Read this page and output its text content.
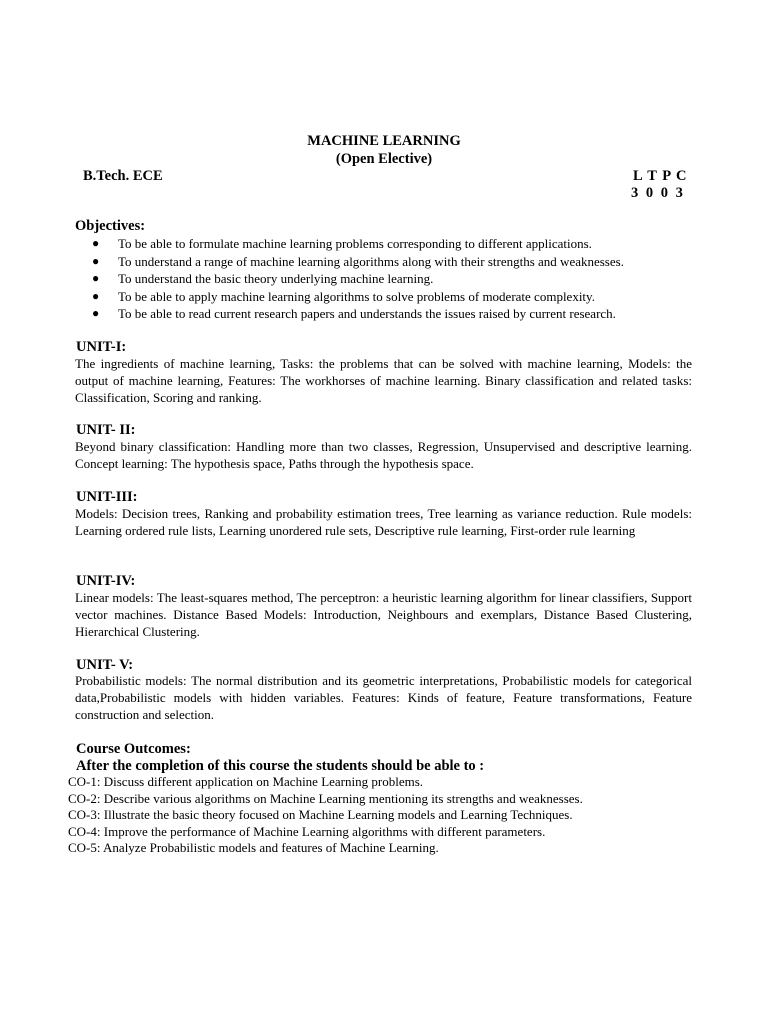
MACHINE LEARNING
(Open Elective)
B.Tech. ECE	L T P C
3 0 0 3
Objectives:
● To be able to formulate machine learning problems corresponding to different applications.
● To understand a range of machine learning algorithms along with their strengths and weaknesses.
● To understand the basic theory underlying machine learning.
● To be able to apply machine learning algorithms to solve problems of moderate complexity.
● To be able to read current research papers and understands the issues raised by current research.
UNIT-I:
The ingredients of machine learning, Tasks: the problems that can be solved with machine learning, Models: the output of machine learning, Features: The workhorses of machine learning. Binary classification and related tasks: Classification, Scoring and ranking.
UNIT- II:
Beyond binary classification: Handling more than two classes, Regression, Unsupervised and descriptive learning. Concept learning: The hypothesis space, Paths through the hypothesis space.
UNIT-III:
Models: Decision trees, Ranking and probability estimation trees, Tree learning as variance reduction. Rule models: Learning ordered rule lists, Learning unordered rule sets, Descriptive rule learning, First-order rule learning
UNIT-IV:
Linear models: The least-squares method, The perceptron: a heuristic learning algorithm for linear classifiers, Support vector machines. Distance Based Models: Introduction, Neighbours and exemplars, Distance Based Clustering, Hierarchical Clustering.
UNIT- V:
Probabilistic models: The normal distribution and its geometric interpretations, Probabilistic models for categorical data,Probabilistic models with hidden variables. Features: Kinds of feature, Feature transformations, Feature construction and selection.
Course Outcomes:
After the completion of this course the students should be able to :
CO-1: Discuss different application on Machine Learning problems.
CO-2: Describe various algorithms on Machine Learning mentioning its strengths and weaknesses.
CO-3: Illustrate the basic theory focused on Machine Learning models and Learning Techniques.
CO-4: Improve the performance of Machine Learning algorithms with different parameters.
CO-5: Analyze Probabilistic models and features of Machine Learning.
